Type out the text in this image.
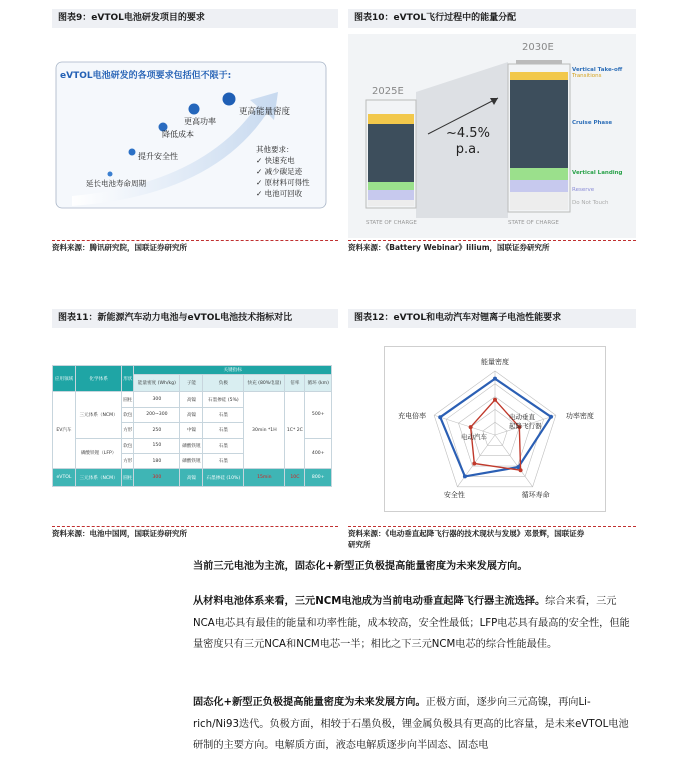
图表9：eVTOL电池研发项目的要求
eVTOL电池研发的各项要求包括但不限于:
延长电池寿命周期
提升安全性
降低成本
更高功率
更高能量密度
其他要求：
✓ 快速充电
✓ 减少碳足迹
✓ 原材料可得性
✓ 电池可回收
资料来源：腾讯研究院，国联证券研究所
图表10：eVTOL飞行过程中的能量分配
2025E
2030E
~4.5%
p.a.
Vertical Take-off
Transitions
Cruise Phase
Vertical Landing
Reserve
Do Not Touch
STATE OF CHARGE	STATE OF CHARGE
资料来源：《Battery Webinar》lilium，国联证券研究所
图表11：新能源汽车动力电池与eVTOL电池技术指标对比
应用领域	化学体系	形状	关键指标					
			能量密度 (Wh/kg)	子能	负极	快充 (80%电量)	倍率	循环 (km)
EV汽车	三元体系（NCM）	圆柱	300	高镍	石墨掺硅 (5%)	30min *1H	1C* 2C	500+
		软包	200~300	高镍	石墨			
		方形	250	中镍	石墨			
	磷酸铁锂（LFP）	软包	150	磷酸铁锂	石墨			400+
		方形	180	磷酸铁锂	石墨			
eVTOL	三元体系（NCM）	圆柱	300	高镍	石墨掺硅 (10%)	15min	10C	800+
资料来源：电池中国网，国联证券研究所
图表12：eVTOL和电动汽车对锂离子电池性能要求
能量密度
功率密度
循环寿命
安全性
充电倍率	电动垂直
起降飞行器
电动汽车
资料来源：《电动垂直起降飞行器的技术现状与发展》邓景辉，国联证券
研究所
当前三元电池为主流，固态化+新型正负极提高能量密度为未来发展方向。
从材料电池体系来看，三元NCM电池成为当前电动垂直起降飞行器主流选择。综合来看，三元NCA电芯具有最佳的能量和功率性能，成本较高，安全性最低；LFP电芯具有最高的安全性，但能量密度只有三元NCA和NCM电芯一半；相比之下三元NCM电芯的综合性能最佳。
固态化+新型正负极提高能量密度为未来发展方向。正极方面，逐步向三元高镍，再向Li-rich/Ni93迭代。负极方面，相较于石墨负极，锂金属负极具有更高的比容量，是未来eVTOL电池研制的主要方向。电解质方面，液态电解质逐步向半固态、固态电
